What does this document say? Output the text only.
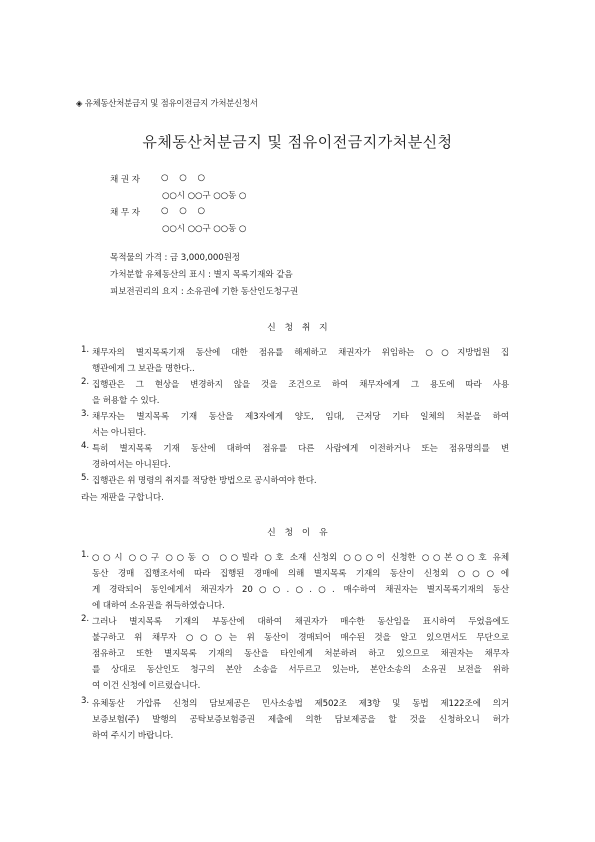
◈ 유체동산처분금지 및 점유이전금지 가처분신청서
유체동산처분금지 및 점유이전금지가처분신청
채 권 자 ○ ○ ○
○○시 ○○구 ○○동 ○
채 무 자 ○ ○ ○
○○시 ○○구 ○○동 ○
목적물의 가격 : 금 3,000,000원정
가처분할 유체동산의 표시 : 별지 목록기재와 같음
피보전권리의 요지 : 소유권에 기한 동산인도청구권
신 청 취 지
1. 채무자의 별지목록기재 동산에 대한 점유를 해제하고 채권자가 위임하는 ○○지방법원 집
행관에게 그 보관을 명한다..
2. 집행관은 그 현상을 변경하지 않을 것을 조건으로 하여 채무자에게 그 용도에 따라 사용
을 허용할 수 있다.
3. 채무자는 별지목록 기재 동산을 제3자에게 양도, 임대, 근저당 기타 일체의 처분을 하여
서는 아니된다.
4. 특히 별지목록 기재 동산에 대하여 점유를 다른 사람에게 이전하거나 또는 점유명의를 변
경하여서는 아니된다.
5. 집행관은 위 명령의 취지를 적당한 방법으로 공시하여야 한다.
라는 재판을 구합니다.
신 청 이 유
1. ○○시 ○○구 ○○동 ○ ○○빌라 ○호 소재 신청외 ○○○이 신청한 ○○본○○호 유체
동산 경매 집행조서에 따라 집행된 경매에 의해 별지목록 기재의 동산이 신청외 ○○○에
게 경락되어 동인에게서 채권자가 20○○.○.○. 매수하여 채권자는 별지목록기재의 동산
에 대하여 소유권을 취득하였습니다.
2. 그러나 별지목록 기재의 부동산에 대하여 채권자가 매수한 동산임을 표시하여 두었음에도
불구하고 위 채무자 ○○○는 위 동산이 경매되어 매수된 것을 알고 있으면서도 무단으로
점유하고 또한 별지목록 기재의 동산을 타인에게 처분하려 하고 있으므로 채권자는 채무자
를 상대로 동산인도 청구의 본안 소송을 서두르고 있는바, 본안소송의 소유권 보전을 위하
여 이건 신청에 이르렀습니다.
3. 유체동산 가압류 신청의 담보제공은 민사소송법 제502조 제3항 및 동법 제122조에 의거
보증보험(주) 발행의 공탁보증보험증권 제출에 의한 담보제공을 할 것을 신청하오니 허가
하여 주시기 바랍니다.
